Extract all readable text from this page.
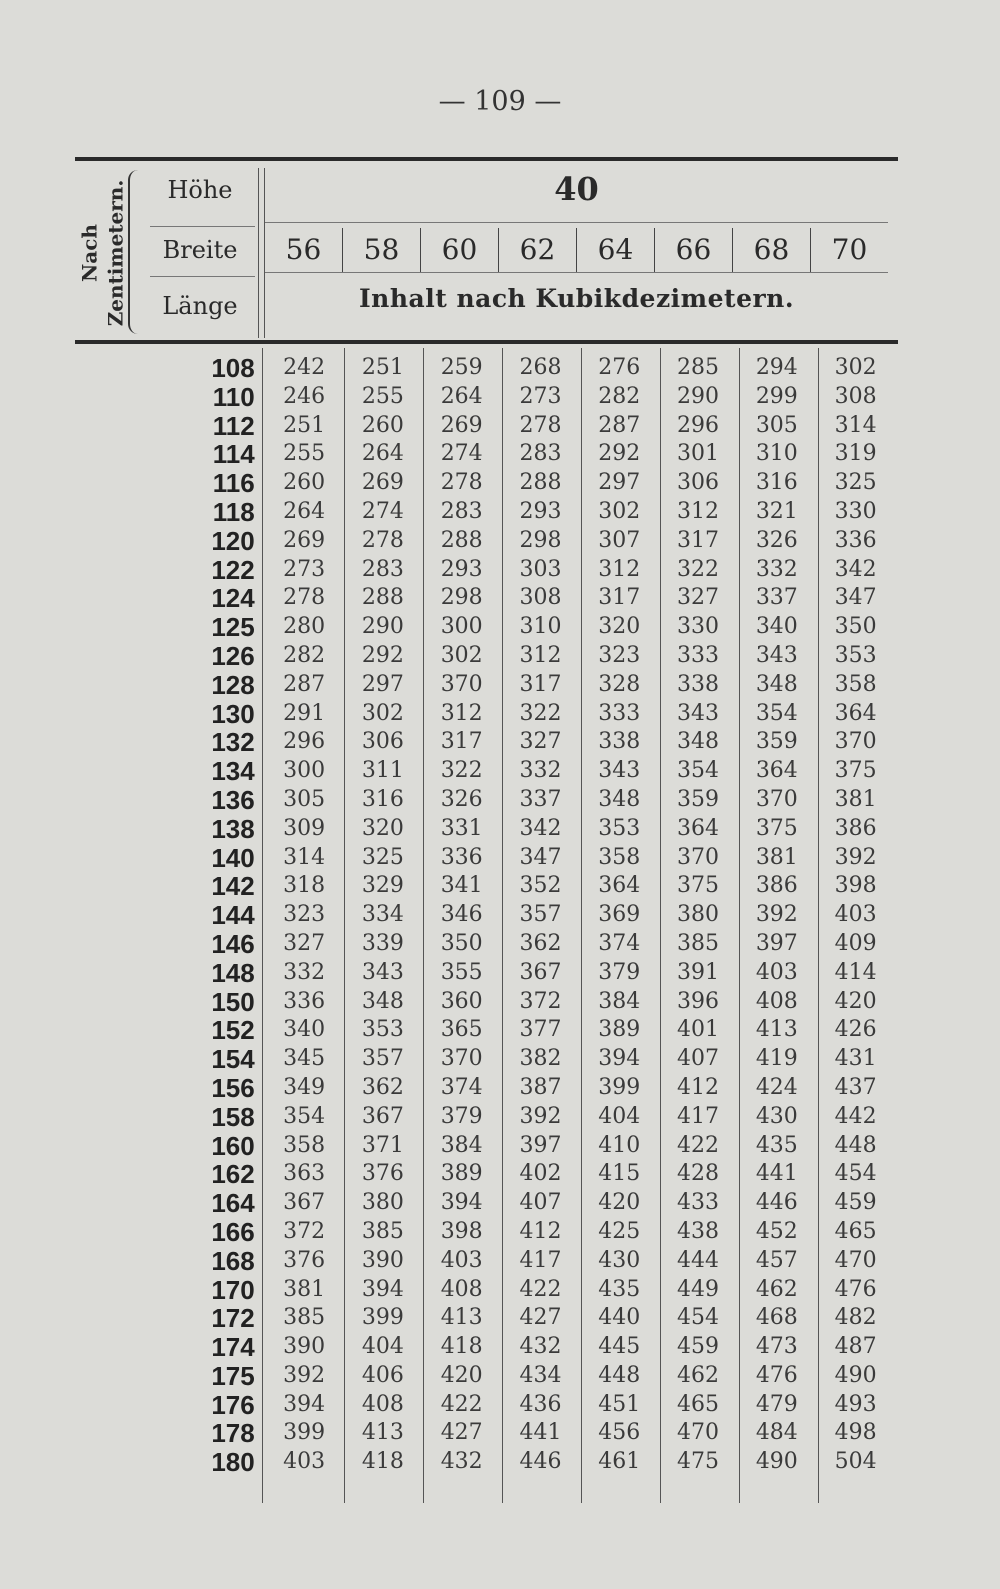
— 109 —
Nach Zentimetern.	Höhe
Breite
Länge
40
56	58	60	62	64	66	68	70
Inhalt nach Kubikdezimetern.
108	242	251	259	268	276	285	294	302
110	246	255	264	273	282	290	299	308
112	251	260	269	278	287	296	305	314
114	255	264	274	283	292	301	310	319
116	260	269	278	288	297	306	316	325
118	264	274	283	293	302	312	321	330
120	269	278	288	298	307	317	326	336
122	273	283	293	303	312	322	332	342
124	278	288	298	308	317	327	337	347
125	280	290	300	310	320	330	340	350
126	282	292	302	312	323	333	343	353
128	287	297	370	317	328	338	348	358
130	291	302	312	322	333	343	354	364
132	296	306	317	327	338	348	359	370
134	300	311	322	332	343	354	364	375
136	305	316	326	337	348	359	370	381
138	309	320	331	342	353	364	375	386
140	314	325	336	347	358	370	381	392
142	318	329	341	352	364	375	386	398
144	323	334	346	357	369	380	392	403
146	327	339	350	362	374	385	397	409
148	332	343	355	367	379	391	403	414
150	336	348	360	372	384	396	408	420
152	340	353	365	377	389	401	413	426
154	345	357	370	382	394	407	419	431
156	349	362	374	387	399	412	424	437
158	354	367	379	392	404	417	430	442
160	358	371	384	397	410	422	435	448
162	363	376	389	402	415	428	441	454
164	367	380	394	407	420	433	446	459
166	372	385	398	412	425	438	452	465
168	376	390	403	417	430	444	457	470
170	381	394	408	422	435	449	462	476
172	385	399	413	427	440	454	468	482
174	390	404	418	432	445	459	473	487
175	392	406	420	434	448	462	476	490
176	394	408	422	436	451	465	479	493
178	399	413	427	441	456	470	484	498
180	403	418	432	446	461	475	490	504
